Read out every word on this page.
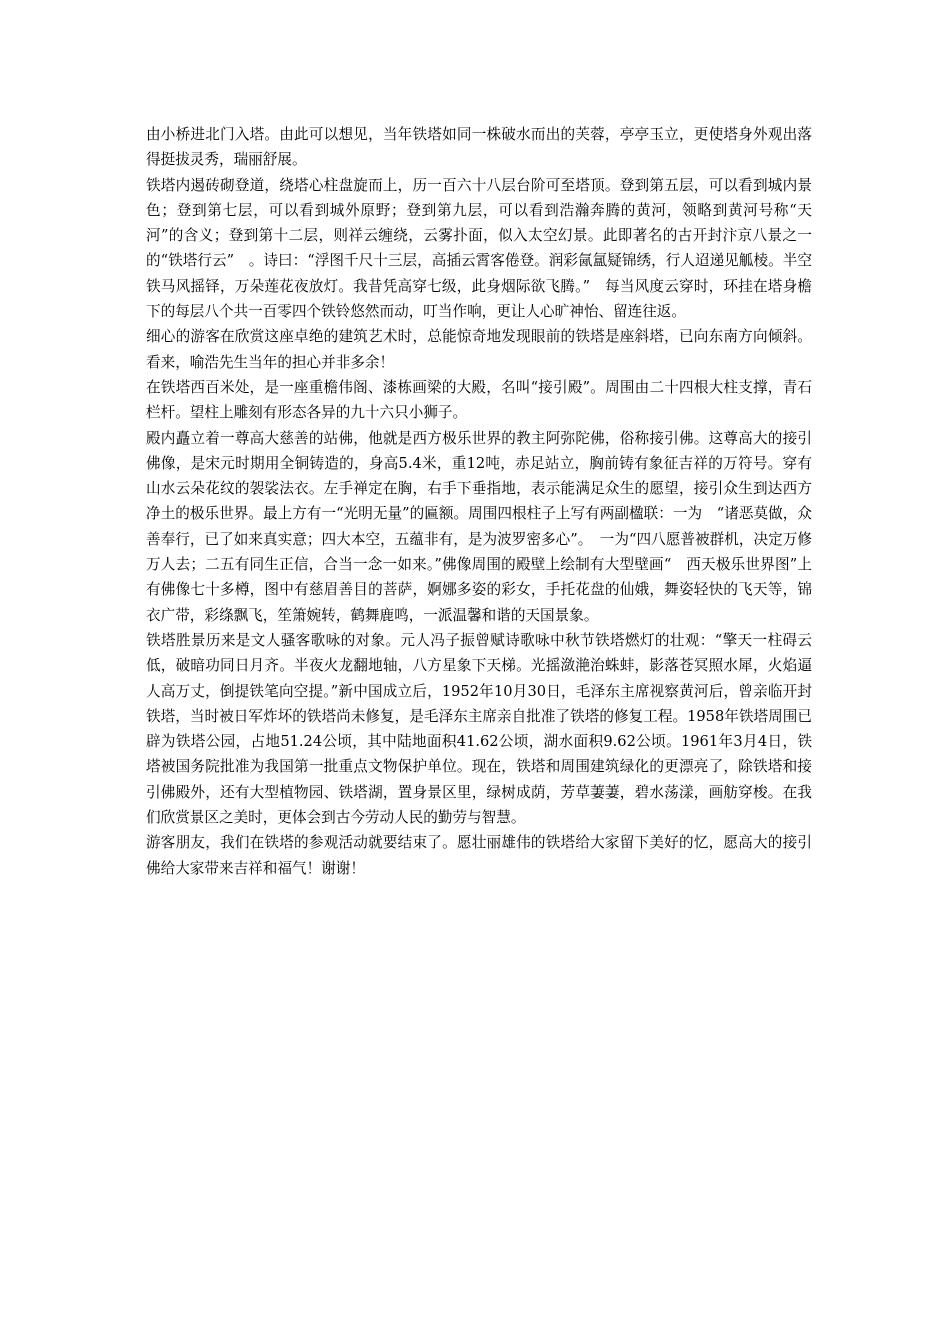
由小桥进北门入塔。由此可以想见，当年铁塔如同一株破水而出的芙蓉，亭亭玉立，更使塔身外观出落得挺拔灵秀，瑞丽舒展。

铁塔内遏砖砌登道，绕塔心柱盘旋而上，历一百六十八层台阶可至塔顶。登到第五层，可以看到城内景色；登到第七层，可以看到城外原野；登到第九层，可以看到浩瀚奔腾的黄河，领略到黄河号称“天河”的含义；登到第十二层，则祥云缠绕，云雾扑面，似入太空幻景。此即著名的古开封汴京八景之一的“铁塔行云”　。诗曰：“浮图千尺十三层，高插云霄客倦登。润彩氤氲疑锦绣，行人迢递见觚棱。半空铁马风摇铎，万朵莲花夜放灯。我昔凭高穿七级，此身烟际欲飞腾。”　每当风度云穿时，环挂在塔身檐下的每层八个共一百零四个铁铃悠然而动，叮当作响，更让人心旷神怡、留连往返。

细心的游客在欣赏这座卓绝的建筑艺术时，总能惊奇地发现眼前的铁塔是座斜塔，已向东南方向倾斜。看来，喻浩先生当年的担心并非多余！

在铁塔西百米处，是一座重檐伟阁、漆栋画梁的大殿，名叫“接引殿”。周围由二十四根大柱支撑，青石栏杆。望柱上雕刻有形态各异的九十六只小狮子。

殿内矗立着一尊高大慈善的站佛，他就是西方极乐世界的教主阿弥陀佛，俗称接引佛。这尊高大的接引佛像，是宋元时期用全铜铸造的，身高5.4米，重12吨，赤足站立，胸前铸有象征吉祥的万符号。穿有山水云朵花纹的袈裟法衣。左手禅定在胸，右手下垂指地，表示能满足众生的愿望，接引众生到达西方净土的极乐世界。最上方有一“光明无量”的匾额。周围四根柱子上写有两副楹联：一为　“诸恶莫做，众善奉行，已了如来真实意；四大本空，五蕴非有，是为波罗密多心”。　一为“四八愿普被群机，决定万修万人去；二五有同生正信，合当一念一如来。”佛像周围的殿壁上绘制有大型壁画“　西天极乐世界图”上有佛像七十多樽，图中有慈眉善目的菩萨，婀娜多姿的彩女，手托花盘的仙娥，舞姿轻快的飞天等，锦衣广带，彩绦飘飞，笙箫婉转，鹤舞鹿鸣，一派温馨和谐的天国景象。

铁塔胜景历来是文人骚客歌咏的对象。元人冯子振曾赋诗歌咏中秋节铁塔燃灯的壮观：“擎天一柱碍云低，破暗功同日月齐。半夜火龙翻地轴，八方星象下天梯。光摇潋滟治蛛蚌，影落苍冥照水犀，火焰逼人高万丈，倒提铁笔向空提。”新中国成立后，1952年10月30日，毛泽东主席视察黄河后，曾亲临开封铁塔，当时被日军炸坏的铁塔尚未修复，是毛泽东主席亲自批准了铁塔的修复工程。1958年铁塔周围已辟为铁塔公园，占地51.24公顷，其中陆地面积41.62公顷，湖水面积9.62公顷。1961年3月4日，铁塔被国务院批准为我国第一批重点文物保护单位。现在，铁塔和周围建筑绿化的更漂亮了，除铁塔和接引佛殿外，还有大型植物园、铁塔湖，置身景区里，绿树成荫，芳草萋萋，碧水荡漾，画舫穿梭。在我们欣赏景区之美时，更体会到古今劳动人民的勤劳与智慧。

游客朋友，我们在铁塔的参观活动就要结束了。愿壮丽雄伟的铁塔给大家留下美好的忆，愿高大的接引佛给大家带来吉祥和福气！谢谢！
